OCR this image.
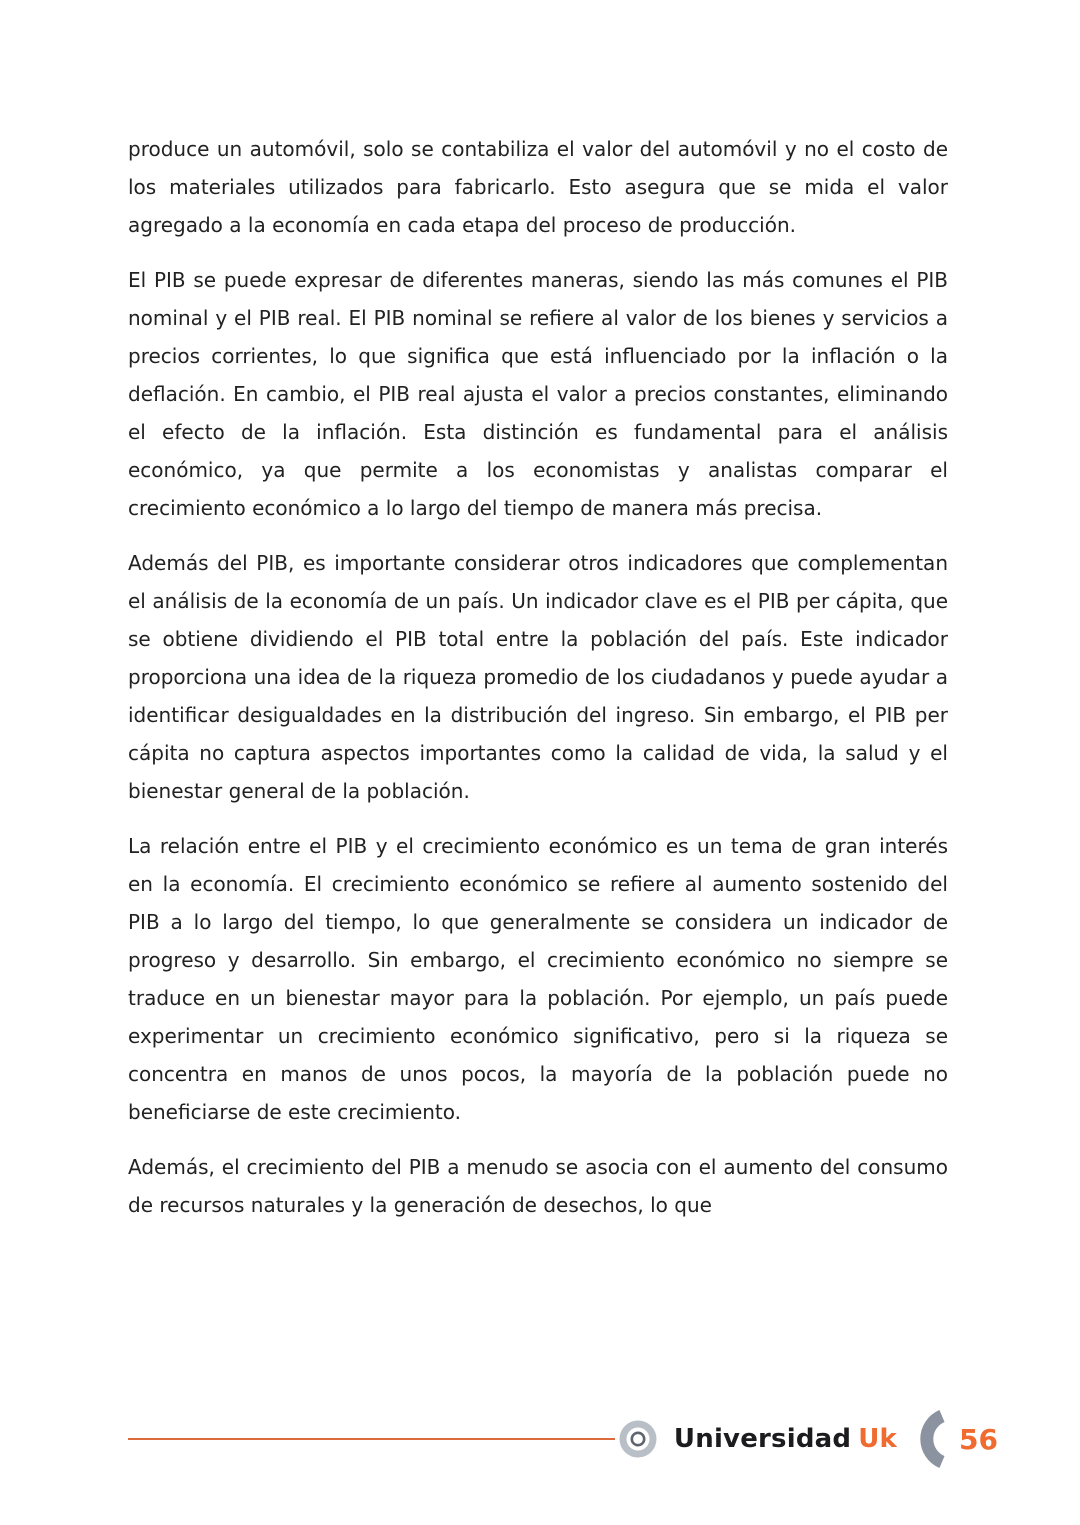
produce un automóvil, solo se contabiliza el valor del automóvil y no el costo de los materiales utilizados para fabricarlo. Esto asegura que se mida el valor agregado a la economía en cada etapa del proceso de producción.

El PIB se puede expresar de diferentes maneras, siendo las más comunes el PIB nominal y el PIB real. El PIB nominal se refiere al valor de los bienes y servicios a precios corrientes, lo que significa que está influenciado por la inflación o la deflación. En cambio, el PIB real ajusta el valor a precios constantes, eliminando el efecto de la inflación. Esta distinción es fundamental para el análisis económico, ya que permite a los economistas y analistas comparar el crecimiento económico a lo largo del tiempo de manera más precisa.

Además del PIB, es importante considerar otros indicadores que complementan el análisis de la economía de un país. Un indicador clave es el PIB per cápita, que se obtiene dividiendo el PIB total entre la población del país. Este indicador proporciona una idea de la riqueza promedio de los ciudadanos y puede ayudar a identificar desigualdades en la distribución del ingreso. Sin embargo, el PIB per cápita no captura aspectos importantes como la calidad de vida, la salud y el bienestar general de la población.

La relación entre el PIB y el crecimiento económico es un tema de gran interés en la economía. El crecimiento económico se refiere al aumento sostenido del PIB a lo largo del tiempo, lo que generalmente se considera un indicador de progreso y desarrollo. Sin embargo, el crecimiento económico no siempre se traduce en un bienestar mayor para la población. Por ejemplo, un país puede experimentar un crecimiento económico significativo, pero si la riqueza se concentra en manos de unos pocos, la mayoría de la población puede no beneficiarse de este crecimiento.

Además, el crecimiento del PIB a menudo se asocia con el aumento del consumo de recursos naturales y la generación de desechos, lo que

Universidad Uk 56
